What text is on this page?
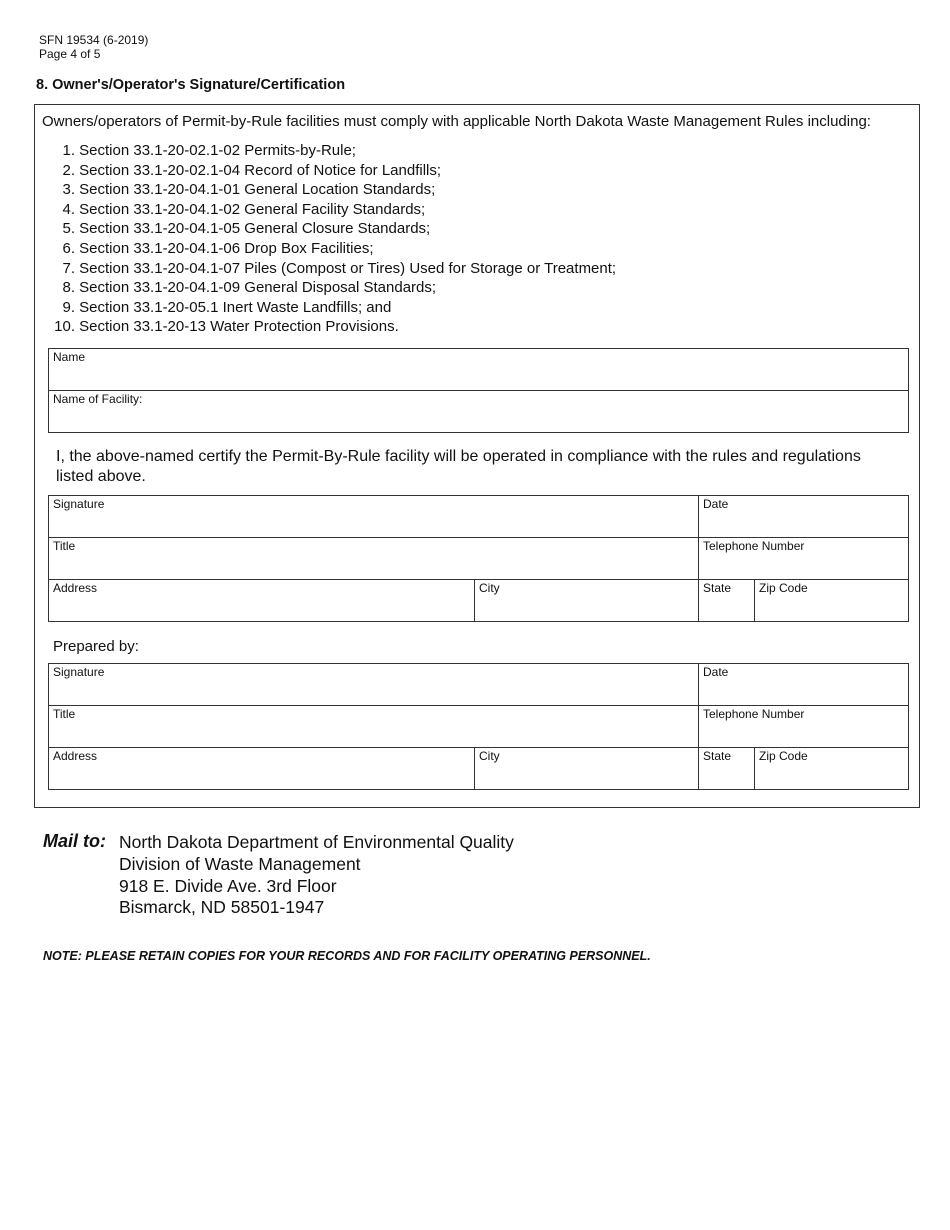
SFN 19534 (6-2019)
Page 4 of 5
8. Owner's/Operator's Signature/Certification
Owners/operators of Permit-by-Rule facilities must comply with applicable North Dakota Waste Management Rules including:
1. Section 33.1-20-02.1-02 Permits-by-Rule;
2. Section 33.1-20-02.1-04 Record of Notice for Landfills;
3. Section 33.1-20-04.1-01 General Location Standards;
4. Section 33.1-20-04.1-02 General Facility Standards;
5. Section 33.1-20-04.1-05 General Closure Standards;
6. Section 33.1-20-04.1-06 Drop Box Facilities;
7. Section 33.1-20-04.1-07 Piles (Compost or Tires) Used for Storage or Treatment;
8. Section 33.1-20-04.1-09 General Disposal Standards;
9. Section 33.1-20-05.1 Inert Waste Landfills; and
10. Section 33.1-20-13 Water Protection Provisions.
Name
Name of Facility:
I, the above-named certify the Permit-By-Rule facility will be operated in compliance with the rules and regulations listed above.
Signature	Date
Title	Telephone Number
Address	City	State	Zip Code
Prepared by:
Signature	Date
Title	Telephone Number
Address	City	State	Zip Code
Mail to: North Dakota Department of Environmental Quality
Division of Waste Management
918 E. Divide Ave. 3rd Floor
Bismarck, ND 58501-1947
NOTE: PLEASE RETAIN COPIES FOR YOUR RECORDS AND FOR FACILITY OPERATING PERSONNEL.
